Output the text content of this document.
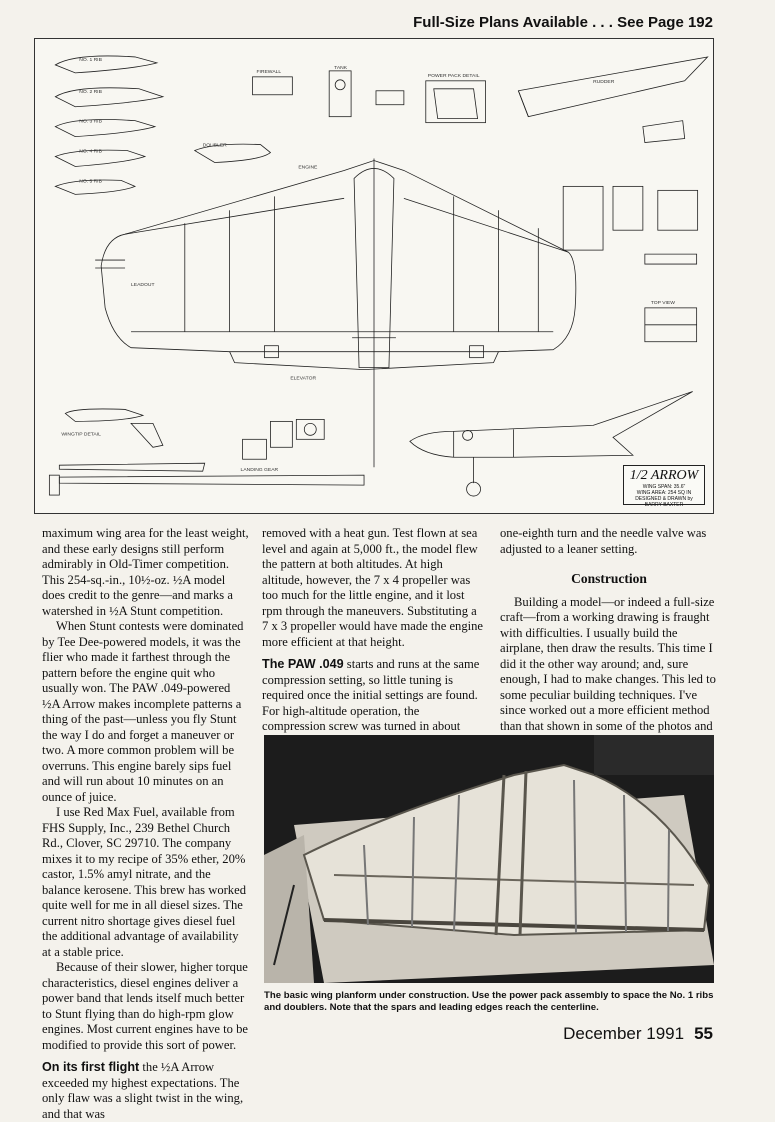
Full-Size Plans Available . . . See Page 192
NO. 1 RIB
NO. 2 RIB
NO. 3 RIB
NO. 4 RIB
NO. 5 RIB
DOUBLER
FIREWALL
TANK
POWER PACK DETAIL
RUDDER
ENGINE
LEADOUT
ELEVATOR
WINGTIP DETAIL
LANDING GEAR
TOP VIEW
1/2 ARROW
WING SPAN: 35.6"
WING AREA: 254 SQ IN
DESIGNED & DRAWN by
BARRY BAXTER

maximum wing area for the least weight, and these early designs still perform admirably in Old-Timer competition. This 254-sq.-in., 10½-oz. ½A model does credit to the genre—and marks a watershed in ½A Stunt competition.

When Stunt contests were dominated by Tee Dee-powered models, it was the flier who made it farthest through the pattern before the engine quit who usually won. The PAW .049-powered ½A Arrow makes incomplete patterns a thing of the past—unless you fly Stunt the way I do and forget a maneuver or two. A more common problem will be overruns. This engine barely sips fuel and will run about 10 minutes on an ounce of juice.

I use Red Max Fuel, available from FHS Supply, Inc., 239 Bethel Church Rd., Clover, SC 29710. The company mixes it to my recipe of 35% ether, 20% castor, 1.5% amyl nitrate, and the balance kerosene. This brew has worked quite well for me in all diesel sizes. The current nitro shortage gives diesel fuel the additional advantage of availability at a stable price.

Because of their slower, higher torque characteristics, diesel engines deliver a power band that lends itself much better to Stunt flying than do high-rpm glow engines. Most current engines have to be modified to provide this sort of power.

On its first flight the ½A Arrow exceeded my highest expectations. The only flaw was a slight twist in the wing, and that was

removed with a heat gun. Test flown at sea level and again at 5,000 ft., the model flew the pattern at both altitudes. At high altitude, however, the 7 x 4 propeller was too much for the little engine, and it lost rpm through the maneuvers. Substituting a 7 x 3 propeller would have made the engine more efficient at that height.

The PAW .049 starts and runs at the same compression setting, so little tuning is required once the initial settings are found. For high-altitude operation, the compression screw was turned in about

one-eighth turn and the needle valve was adjusted to a leaner setting.

Construction

Building a model—or indeed a full-size craft—from a working drawing is fraught with difficulties. I usually build the airplane, then draw the results. This time I did it the other way around; and, sure enough, I had to make changes. This led to some peculiar building techniques. I've since worked out a more efficient method than that shown in some of the photos and

The basic wing planform under construction. Use the power pack assembly to space the No. 1 ribs and doublers. Note that the spars and leading edges reach the centerline.
December 1991 55
